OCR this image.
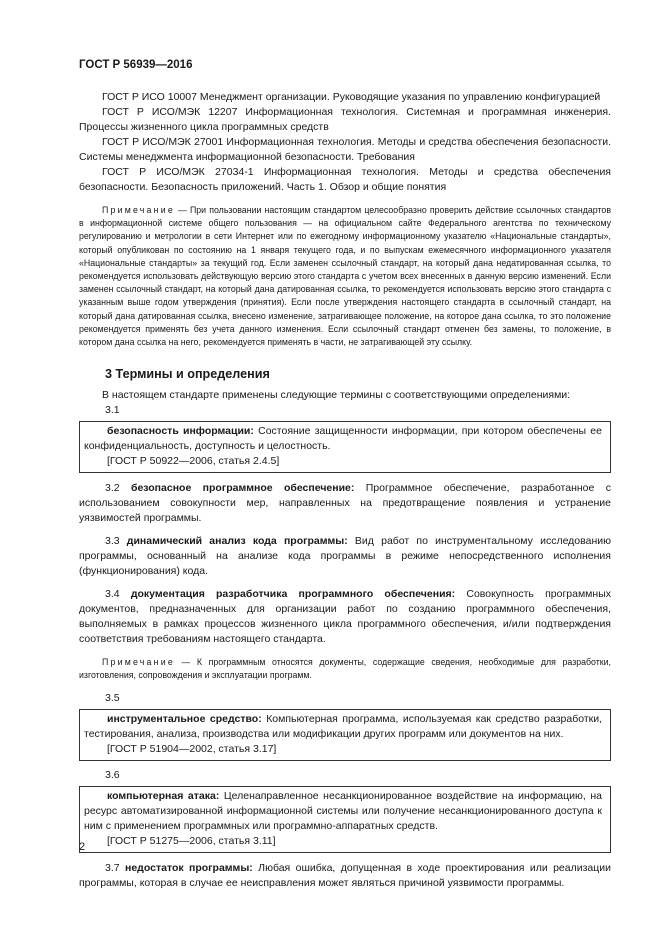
ГОСТ Р 56939—2016

ГОСТ Р ИСО 10007 Менеджмент организации. Руководящие указания по управлению конфигурацией

ГОСТ Р ИСО/МЭК 12207 Информационная технология. Системная и программная инженерия. Процессы жизненного цикла программных средств

ГОСТ Р ИСО/МЭК 27001 Информационная технология. Методы и средства обеспечения безопасности. Системы менеджмента информационной безопасности. Требования

ГОСТ Р ИСО/МЭК 27034-1 Информационная технология. Методы и средства обеспечения безопасности. Безопасность приложений. Часть 1. Обзор и общие понятия

Примечание — При пользовании настоящим стандартом целесообразно проверить действие ссылочных стандартов в информационной системе общего пользования — на официальном сайте Федерального агентства по техническому регулированию и метрологии в сети Интернет или по ежегодному информационному указателю «Национальные стандарты», который опубликован по состоянию на 1 января текущего года, и по выпускам ежемесячного информационного указателя «Национальные стандарты» за текущий год. Если заменен ссылочный стандарт, на который дана недатированная ссылка, то рекомендуется использовать действующую версию этого стандарта с учетом всех внесенных в данную версию изменений. Если заменен ссылочный стандарт, на который дана датированная ссылка, то рекомендуется использовать версию этого стандарта с указанным выше годом утверждения (принятия). Если после утверждения настоящего стандарта в ссылочный стандарт, на который дана датированная ссылка, внесено изменение, затрагивающее положение, на которое дана ссылка, то это положение рекомендуется применять без учета данного изменения. Если ссылочный стандарт отменен без замены, то положение, в котором дана ссылка на него, рекомендуется применять в части, не затрагивающей эту ссылку.

3 Термины и определения

В настоящем стандарте применены следующие термины с соответствующими определениями:

3.1

безопасность информации: Состояние защищенности информации, при котором обеспечены ее конфиденциальность, доступность и целостность.

[ГОСТ Р 50922—2006, статья 2.4.5]

3.2 безопасное программное обеспечение: Программное обеспечение, разработанное с использованием совокупности мер, направленных на предотвращение появления и устранение уязвимостей программы.

3.3 динамический анализ кода программы: Вид работ по инструментальному исследованию программы, основанный на анализе кода программы в режиме непосредственного исполнения (функционирования) кода.

3.4 документация разработчика программного обеспечения: Совокупность программных документов, предназначенных для организации работ по созданию программного обеспечения, выполняемых в рамках процессов жизненного цикла программного обеспечения, и/или подтверждения соответствия требованиям настоящего стандарта.

Примечание — К программным относятся документы, содержащие сведения, необходимые для разработки, изготовления, сопровождения и эксплуатации программ.

3.5

инструментальное средство: Компьютерная программа, используемая как средство разработки, тестирования, анализа, производства или модификации других программ или документов на них.

[ГОСТ Р 51904—2002, статья 3.17]

3.6

компьютерная атака: Целенаправленное несанкционированное воздействие на информацию, на ресурс автоматизированной информационной системы или получение несанкционированного доступа к ним с применением программных или программно-аппаратных средств.

[ГОСТ Р 51275—2006, статья 3.11]

3.7 недостаток программы: Любая ошибка, допущенная в ходе проектирования или реализации программы, которая в случае ее неисправления может являться причиной уязвимости программы.

2
